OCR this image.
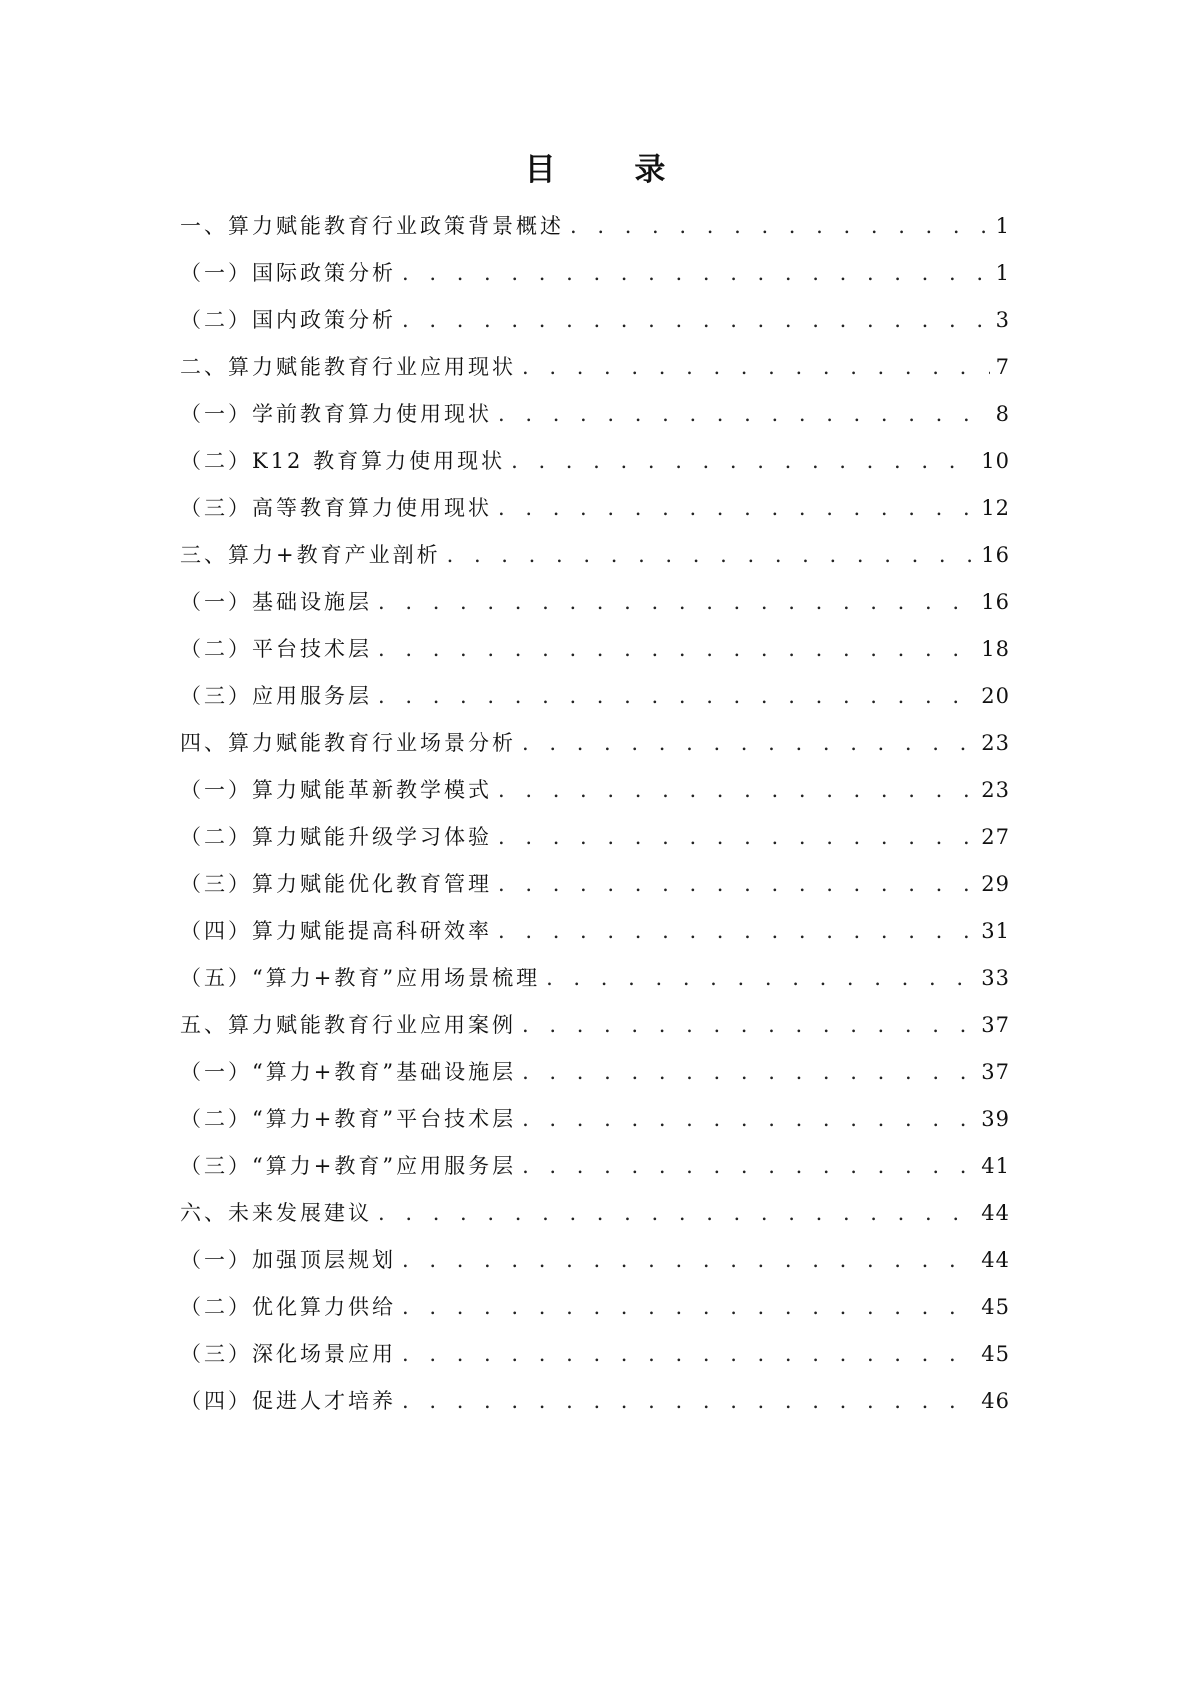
目 录
一、算力赋能教育行业政策背景概述 . . .	1
（一）国际政策分析 . . .	1
（二）国内政策分析 . . .	3
二、算力赋能教育行业应用现状 . . .	7
（一）学前教育算力使用现状 . . .	8
（二）K12 教育算力使用现状 . . .	10
（三）高等教育算力使用现状 . . .	12
三、算力+教育产业剖析 . . .	16
（一）基础设施层 . . .	16
（二）平台技术层 . . .	18
（三）应用服务层 . . .	20
四、算力赋能教育行业场景分析 . . .	23
（一）算力赋能革新教学模式 . . .	23
（二）算力赋能升级学习体验 . . .	27
（三）算力赋能优化教育管理 . . .	29
（四）算力赋能提高科研效率 . . .	31
（五）“算力+教育”应用场景梳理 . . .	33
五、算力赋能教育行业应用案例 . . .	37
（一）“算力+教育”基础设施层 . . .	37
（二）“算力+教育”平台技术层 . . .	39
（三）“算力+教育”应用服务层 . . .	41
六、未来发展建议 . . .	44
（一）加强顶层规划 . . .	44
（二）优化算力供给 . . .	45
（三）深化场景应用 . . .	45
（四）促进人才培养 . . .	46
